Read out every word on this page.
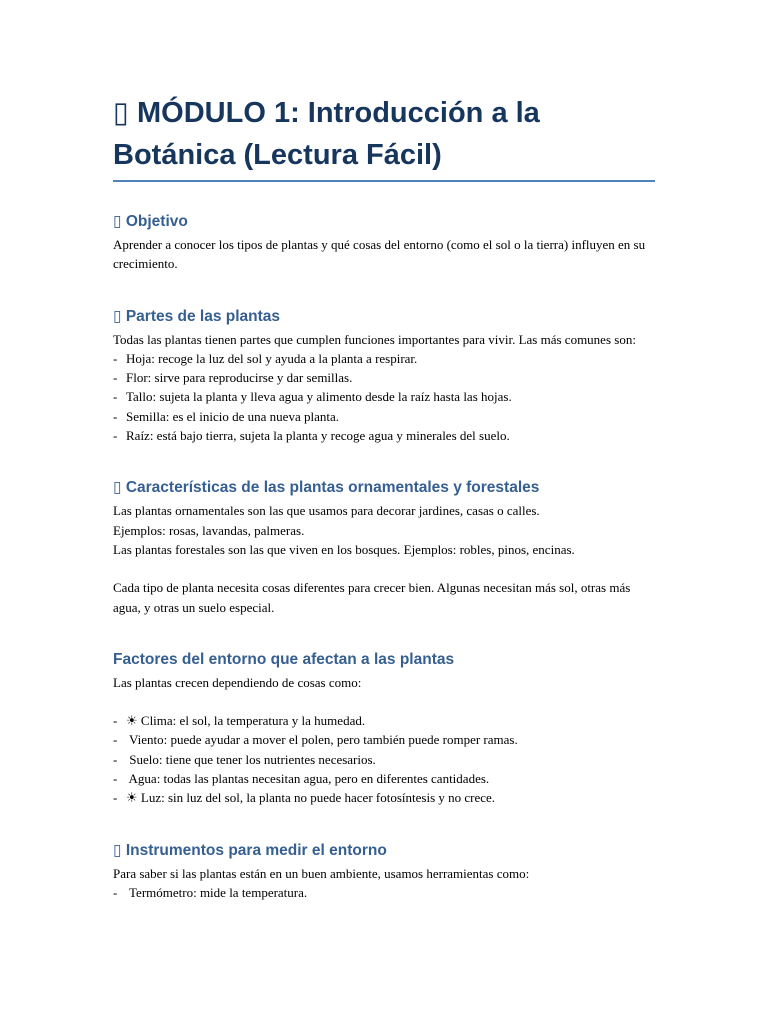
▯ MÓDULO 1: Introducción a la Botánica (Lectura Fácil)
▯ Objetivo

Aprender a conocer los tipos de plantas y qué cosas del entorno (como el sol o la tierra) influyen en su crecimiento.

▯ Partes de las plantas

Todas las plantas tienen partes que cumplen funciones importantes para vivir. Las más comunes son:

- Hoja: recoge la luz del sol y ayuda a la planta a respirar.
- Flor: sirve para reproducirse y dar semillas.
- Tallo: sujeta la planta y lleva agua y alimento desde la raíz hasta las hojas.
- Semilla: es el inicio de una nueva planta.
- Raíz: está bajo tierra, sujeta la planta y recoge agua y minerales del suelo.
▯ Características de las plantas ornamentales y forestales

Las plantas ornamentales son las que usamos para decorar jardines, casas o calles.

Ejemplos: rosas, lavandas, palmeras.

Las plantas forestales son las que viven en los bosques. Ejemplos: robles, pinos, encinas.

Cada tipo de planta necesita cosas diferentes para crecer bien. Algunas necesitan más sol, otras más agua, y otras un suelo especial.

Factores del entorno que afectan a las plantas

Las plantas crecen dependiendo de cosas como:

- ☀ Clima: el sol, la temperatura y la humedad.
- Viento: puede ayudar a mover el polen, pero también puede romper ramas.
- Suelo: tiene que tener los nutrientes necesarios.
- Agua: todas las plantas necesitan agua, pero en diferentes cantidades.
- ☀ Luz: sin luz del sol, la planta no puede hacer fotosíntesis y no crece.
▯ Instrumentos para medir el entorno

Para saber si las plantas están en un buen ambiente, usamos herramientas como:

- Termómetro: mide la temperatura.
